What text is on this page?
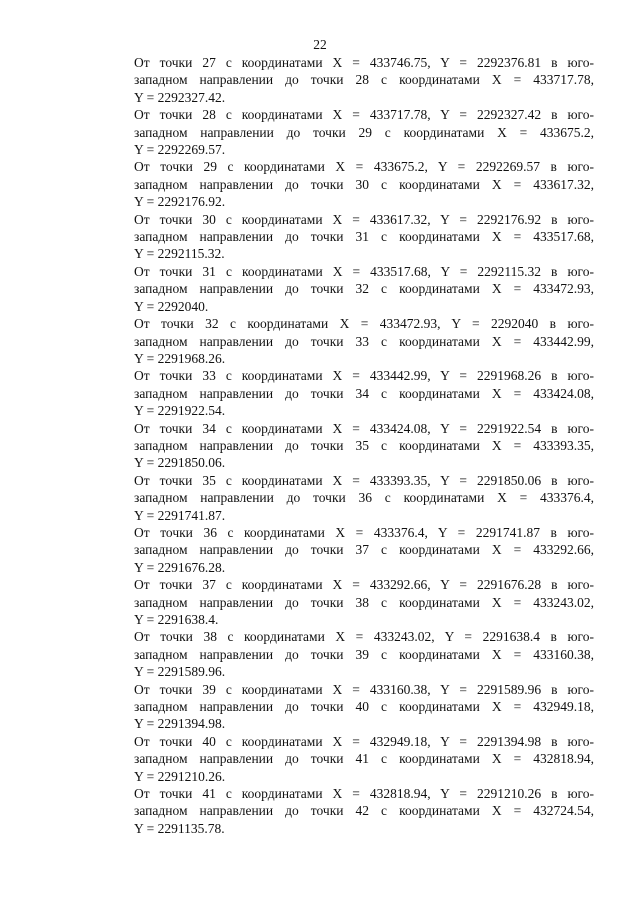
22

От точки 27 с координатами X = 433746.75, Y = 2292376.81 в юго-
западном направлении до точки 28 с координатами X = 433717.78,
Y = 2292327.42.

От точки 28 с координатами X = 433717.78, Y = 2292327.42 в юго-
западном направлении до точки 29 с координатами X = 433675.2,
Y = 2292269.57.

От точки 29 с координатами X = 433675.2, Y = 2292269.57 в юго-
западном направлении до точки 30 с координатами X = 433617.32,
Y = 2292176.92.

От точки 30 с координатами X = 433617.32, Y = 2292176.92 в юго-
западном направлении до точки 31 с координатами X = 433517.68,
Y = 2292115.32.

От точки 31 с координатами X = 433517.68, Y = 2292115.32 в юго-
западном направлении до точки 32 с координатами X = 433472.93,
Y = 2292040.

От точки 32 с координатами X = 433472.93, Y = 2292040 в юго-
западном направлении до точки 33 с координатами X = 433442.99,
Y = 2291968.26.

От точки 33 с координатами X = 433442.99, Y = 2291968.26 в юго-
западном направлении до точки 34 с координатами X = 433424.08,
Y = 2291922.54.

От точки 34 с координатами X = 433424.08, Y = 2291922.54 в юго-
западном направлении до точки 35 с координатами X = 433393.35,
Y = 2291850.06.

От точки 35 с координатами X = 433393.35, Y = 2291850.06 в юго-
западном направлении до точки 36 с координатами X = 433376.4,
Y = 2291741.87.

От точки 36 с координатами X = 433376.4, Y = 2291741.87 в юго-
западном направлении до точки 37 с координатами X = 433292.66,
Y = 2291676.28.

От точки 37 с координатами X = 433292.66, Y = 2291676.28 в юго-
западном направлении до точки 38 с координатами X = 433243.02,
Y = 2291638.4.

От точки 38 с координатами X = 433243.02, Y = 2291638.4 в юго-
западном направлении до точки 39 с координатами X = 433160.38,
Y = 2291589.96.

От точки 39 с координатами X = 433160.38, Y = 2291589.96 в юго-
западном направлении до точки 40 с координатами X = 432949.18,
Y = 2291394.98.

От точки 40 с координатами X = 432949.18, Y = 2291394.98 в юго-
западном направлении до точки 41 с координатами X = 432818.94,
Y = 2291210.26.

От точки 41 с координатами X = 432818.94, Y = 2291210.26 в юго-
западном направлении до точки 42 с координатами X = 432724.54,
Y = 2291135.78.
